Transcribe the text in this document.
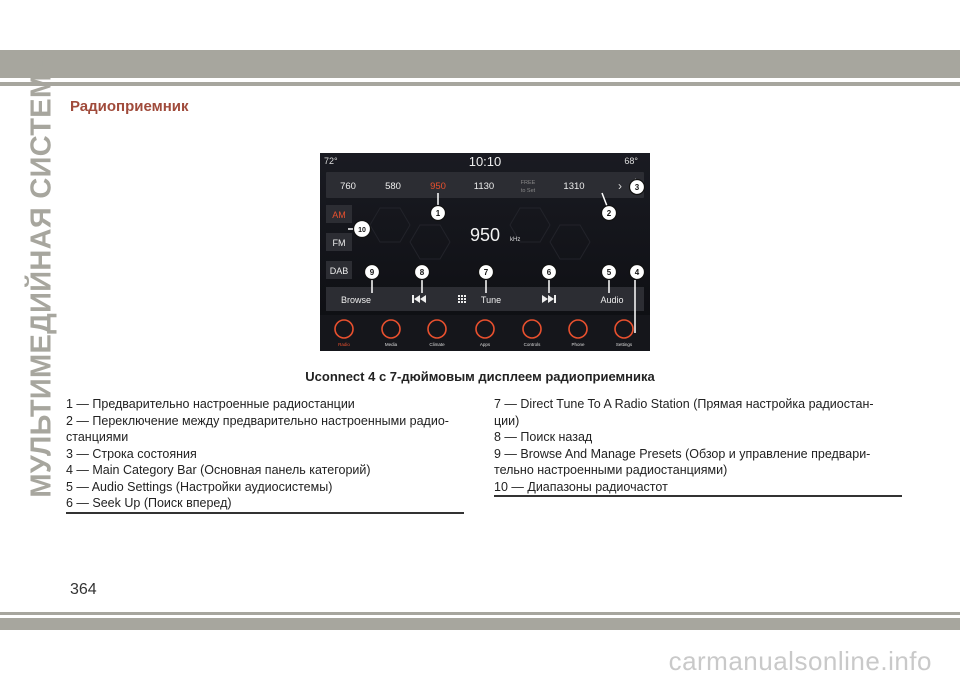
МУЛЬТИМЕДИЙНАЯ СИСТЕМА Радиоприемник
72°	10:10	68°
760	580	950	1130	FREE
to Set	1310	›
AM
FM
DAB
950 kHz
Browse	Tune	Audio
Radio	Media	Climate	Apps	Controls	Phone	Settings
1	2
3
4
5
6
7
8
9
10
Uconnect 4 с 7-дюймовым дисплеем радиоприемника
1 — Предварительно настроенные радиостанции
2 — Переключение между предварительно настроенными радио-
станциями
3 — Строка состояния
4 — Main Category Bar (Основная панель категорий)
5 — Audio Settings (Настройки аудиосистемы)
6 — Seek Up (Поиск вперед)
7 — Direct Tune To A Radio Station (Прямая настройка радиостан-
ции)
8 — Поиск назад
9 — Browse And Manage Presets (Обзор и управление предвари-
тельно настроенными радиостанциями)
10 — Диапазоны радиочастот
364
carmanualsonline.info
